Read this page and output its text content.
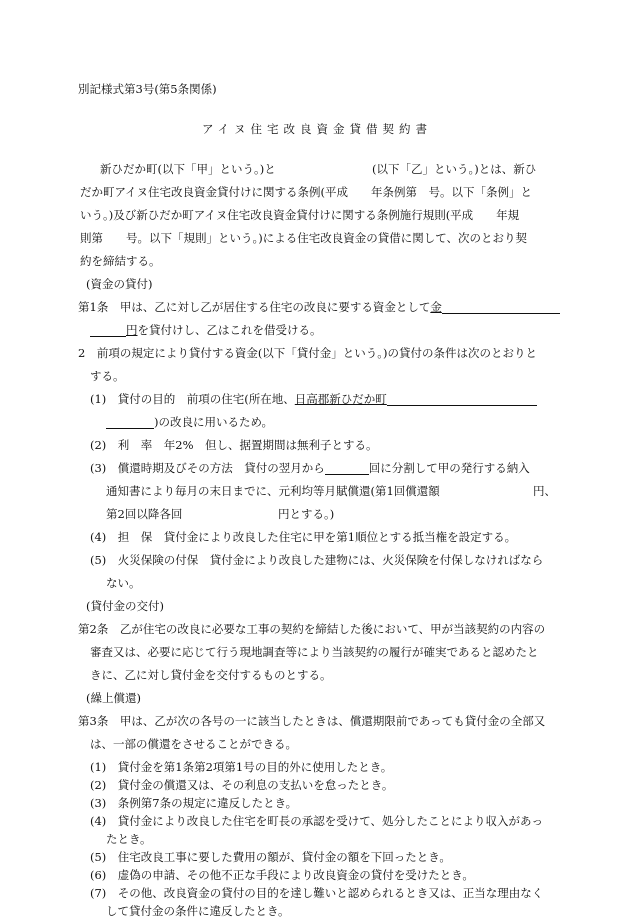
別記様式第3号(第5条関係)
アイヌ住宅改良資金貸借契約書
新ひだか町(以下「甲」という。)と	(以下「乙」という。)とは、新ひ
だか町アイヌ住宅改良資金貸付けに関する条例(平成　　年条例第　号。以下「条例」と
いう。)及び新ひだか町アイヌ住宅改良資金貸付けに関する条例施行規則(平成　　年規
則第　　号。以下「規則」という。)による住宅改良資金の貸借に関して、次のとおり契
約を締結する。
(資金の貸付)
第1条　甲は、乙に対し乙が居住する住宅の改良に要する資金として金
円を貸付けし、乙はこれを借受ける。
2　前項の規定により貸付する資金(以下「貸付金」という。)の貸付の条件は次のとおりと
する。
(1)　貸付の目的　前項の住宅(所在地、日高郡新ひだか町
)の改良に用いるため。
(2)　利　率　年2%　但し、据置期間は無利子とする。
(3)　償還時期及びその方法　貸付の翌月から	回に分割して甲の発行する納入
通知書により毎月の末日までに、元利均等月賦償還(第1回償還額	円、
第2回以降各回	円とする。)
(4)　担　保　貸付金により改良した住宅に甲を第1順位とする抵当権を設定する。
(5)　火災保険の付保　貸付金により改良した建物には、火災保険を付保しなければなら
ない。
(貸付金の交付)
第2条　乙が住宅の改良に必要な工事の契約を締結した後において、甲が当該契約の内容の
審査又は、必要に応じて行う現地調査等により当該契約の履行が確実であると認めたと
きに、乙に対し貸付金を交付するものとする。
(繰上償還)
第3条　甲は、乙が次の各号の一に該当したときは、償還期限前であっても貸付金の全部又
は、一部の償還をさせることができる。
(1)　貸付金を第1条第2項第1号の目的外に使用したとき。
(2)　貸付金の償還又は、その利息の支払いを怠ったとき。
(3)　条例第7条の規定に違反したとき。
(4)　貸付金により改良した住宅を町長の承認を受けて、処分したことにより収入があっ
たとき。
(5)　住宅改良工事に要した費用の額が、貸付金の額を下回ったとき。
(6)　虚偽の申請、その他不正な手段により改良資金の貸付を受けたとき。
(7)　その他、改良資金の貸付の目的を達し難いと認められるとき又は、正当な理由なく
して貸付金の条件に違反したとき。
